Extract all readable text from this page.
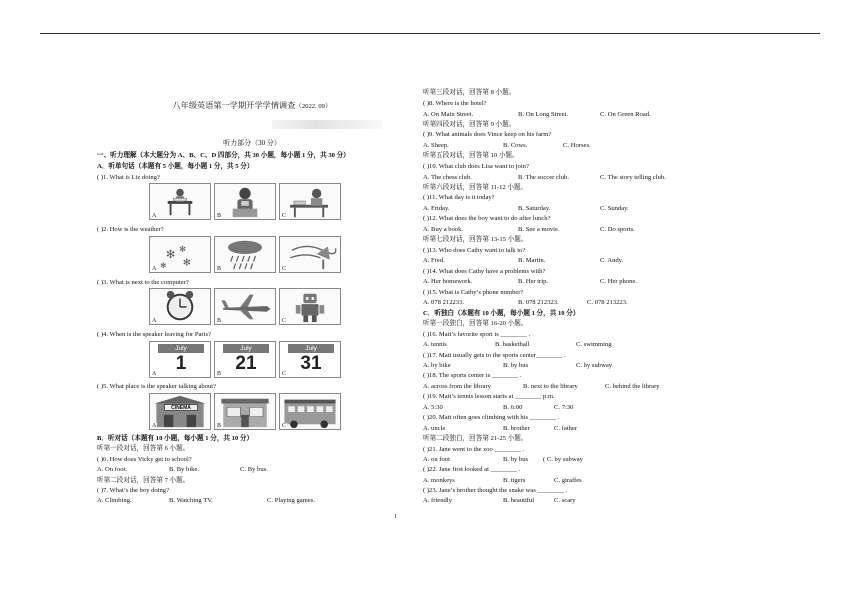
八年级英语第一学期开学学情调查（2022. 09）
听力部分（30 分）
一、听力理解（本大题分为 A、B、C、D 四部分，共 30 小题，每小题 1 分，共 30 分）
A．听单句话（本题有 5 小题，每小题 1 分，共 5 分）
( )1. What is Liz doing?
A	B	C
( )2. How is the weather?
✻ ✻
✻
✻
A	B	C
( )3. What is next to the computer?
A	B	C
( )4. When is the speaker leaving for Paris?
July
1
A
July
21
B
July
31
C
( )5. What place is the speaker talking about?
CINEMA
A	B	C
B．听对话（本题有 10 小题，每小题 1 分，共 10 分）
听第一段对话，回答第 6 小题。
( )6. How does Vicky get to school?
A. On foot.	B. By bike.	C. By bus.
听第二段对话，回答第 7 小题。
( )7. What’s the boy doing?
A. Climbing.	B. Watching TV.	C. Playing games.
听第三段对话，回答第 8 小题。
( )8. Where is the hotel?
A. On Main Street.	B. On Long Street.	C. On Green Road.
听第四段对话，回答第 9 小题。
( )9. What animals does Vince keep on his farm?
A. Sheep.	B. Cows.	C. Horses.
听第五段对话，回答第 10 小题。
( )10. What club does Lisa want to join?
A. The chess club.	B. The soccer club.	C. The story telling club.
听第六段对话，回答第 11-12 小题。
( )11. What day is it today?
A. Friday.	B. Saturday.	C. Sunday.
( )12. What does the boy want to do after lunch?
A. Buy a book.	B. See a movie.	C. Do sports.
听第七段对话，回答第 13-15 小题。
( )13. Who does Cathy want to talk to?
A. Fred.	B. Martin.	C. Andy.
( )14. What does Cathy have a problems with?
A. Her homework.	B. Her trip.	C. Her phone.
( )15. What is Cathy’s phone number?
A. 078 212233.	B. 078 212323.	C. 078 213223.
C．听独白（本题有 10 小题，每小题 1 分，共 10 分）
听第一段独白，回答第 16-20 小题。
( )16. Matt’s favorite sport is ________ .
A. tennis	B. basketball	C. swimming
( )17. Matt usually gets to the sports center________ .
A. by bike	B. by bus	C. by subway
( )18. The sports center is ________ .
A. across from the library	B. next to the library	C. behind the library
( )19. Matt’s tennis lesson starts at ________ p.m.
A. 5:30	B. 6:00	C. 7:30
( )20. Matt often goes climbing with his ________ .
A. uncle	B. brother	C. father
听第二段独白，回答第 21-25 小题。
( )21. Jane went to the zoo ________ .
A. on foot	B. by bus ( C. by subway
( )22. Jane first looked at ________ .
A. monkeys	B. tigers	C. giraffes
( )23. Jane’s brother thought the snake was ________ .
A. friendly	B. beautiful	C. scary
1
